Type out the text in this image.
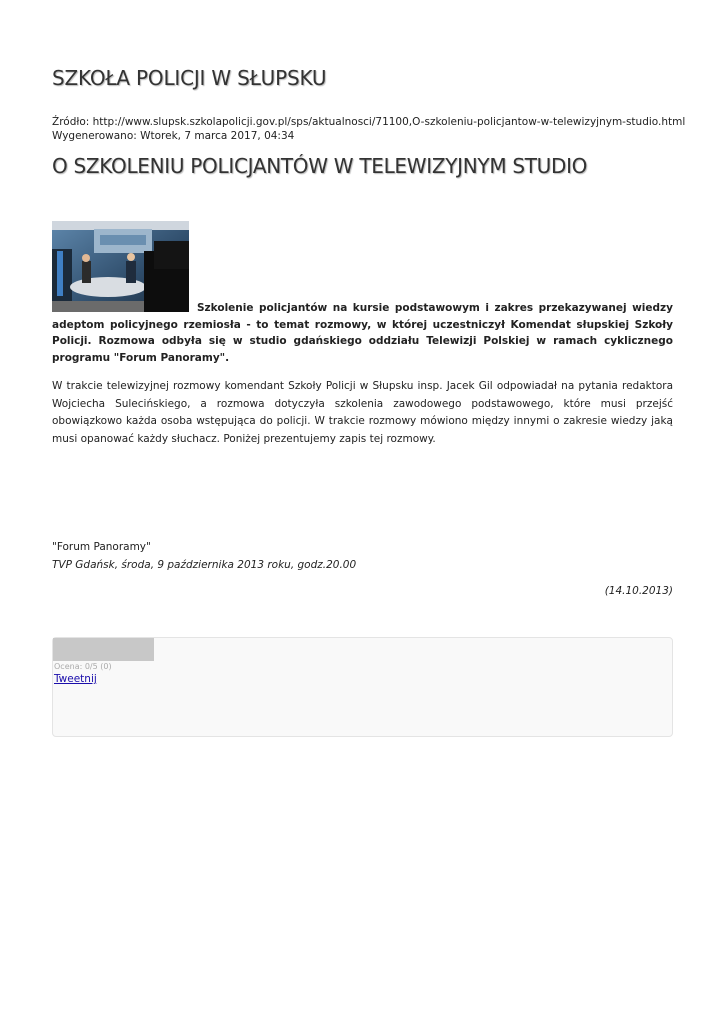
SZKOŁA POLICJI W SŁUPSKU
Źródło: http://www.slupsk.szkolapolicji.gov.pl/sps/aktualnosci/71100,O-szkoleniu-policjantow-w-telewizyjnym-studio.html
Wygenerowano: Wtorek, 7 marca 2017, 04:34
O SZKOLENIU POLICJANTÓW W TELEWIZYJNYM STUDIO

Szkolenie policjantów na kursie podstawowym i zakres przekazywanej wiedzy adeptom policyjnego rzemiosła - to temat rozmowy, w której uczestniczył Komendat słupskiej Szkoły Policji. Rozmowa odbyła się w studio gdańskiego oddziału Telewizji Polskiej w ramach cyklicznego programu "Forum Panoramy".

W trakcie telewizyjnej rozmowy komendant Szkoły Policji w Słupsku insp. Jacek Gil odpowiadał na pytania redaktora Wojciecha Sulecińskiego, a rozmowa dotyczyła szkolenia zawodowego podstawowego, które musi przejść obowiązkowo każda osoba wstępująca do policji. W trakcie rozmowy mówiono między innymi o zakresie wiedzy jaką musi opanować każdy słuchacz. Poniżej prezentujemy zapis tej rozmowy.

"Forum Panoramy"
TVP Gdańsk, środa, 9 października 2013 roku, godz.20.00
(14.10.2013)
Ocena: 0/5 (0)
Tweetnij
